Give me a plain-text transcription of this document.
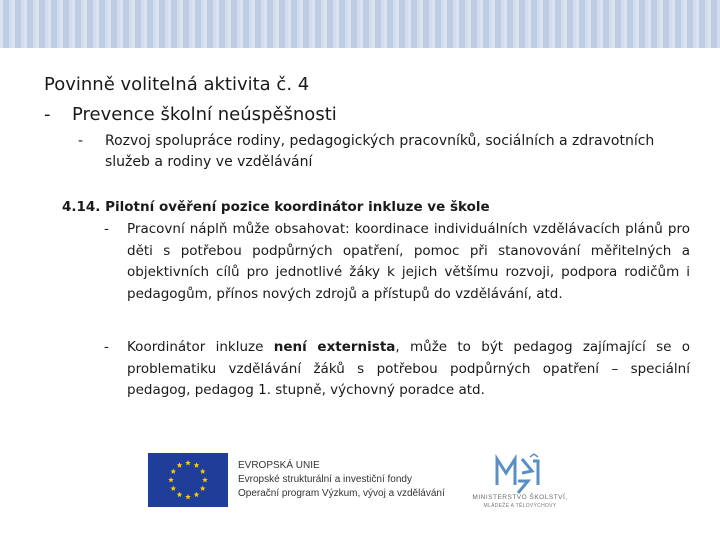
Povinně volitelná aktivita č. 4
- Prevence školní neúspěšnosti
-	Rozvoj spolupráce rodiny, pedagogických pracovníků, sociálních a zdravotních služeb a rodiny ve vzdělávání
4.14. Pilotní ověření pozice koordinátor inkluze ve škole
-	Pracovní náplň může obsahovat: koordinace individuálních vzdělávacích plánů pro děti s potřebou podpůrných opatření, pomoc při stanovování měřitelných a objektivních cílů pro jednotlivé žáky k jejich většímu rozvoji, podpora rodičům i pedagogům, přínos nových zdrojů a přístupů do vzdělávání, atd.
-	Koordinátor inkluze není externista, může to být pedagog zajímající se o problematiku vzdělávání žáků s potřebou podpůrných opatření – speciální pedagog, pedagog 1. stupně, výchovný poradce atd.
EVROPSKÁ UNIE
Evropské strukturální a investiční fondy
Operační program Výzkum, vývoj a vzdělávání	MINISTERSTVO ŠKOLSTVÍ,
MLÁDEŽE A TĚLOVÝCHOVY
